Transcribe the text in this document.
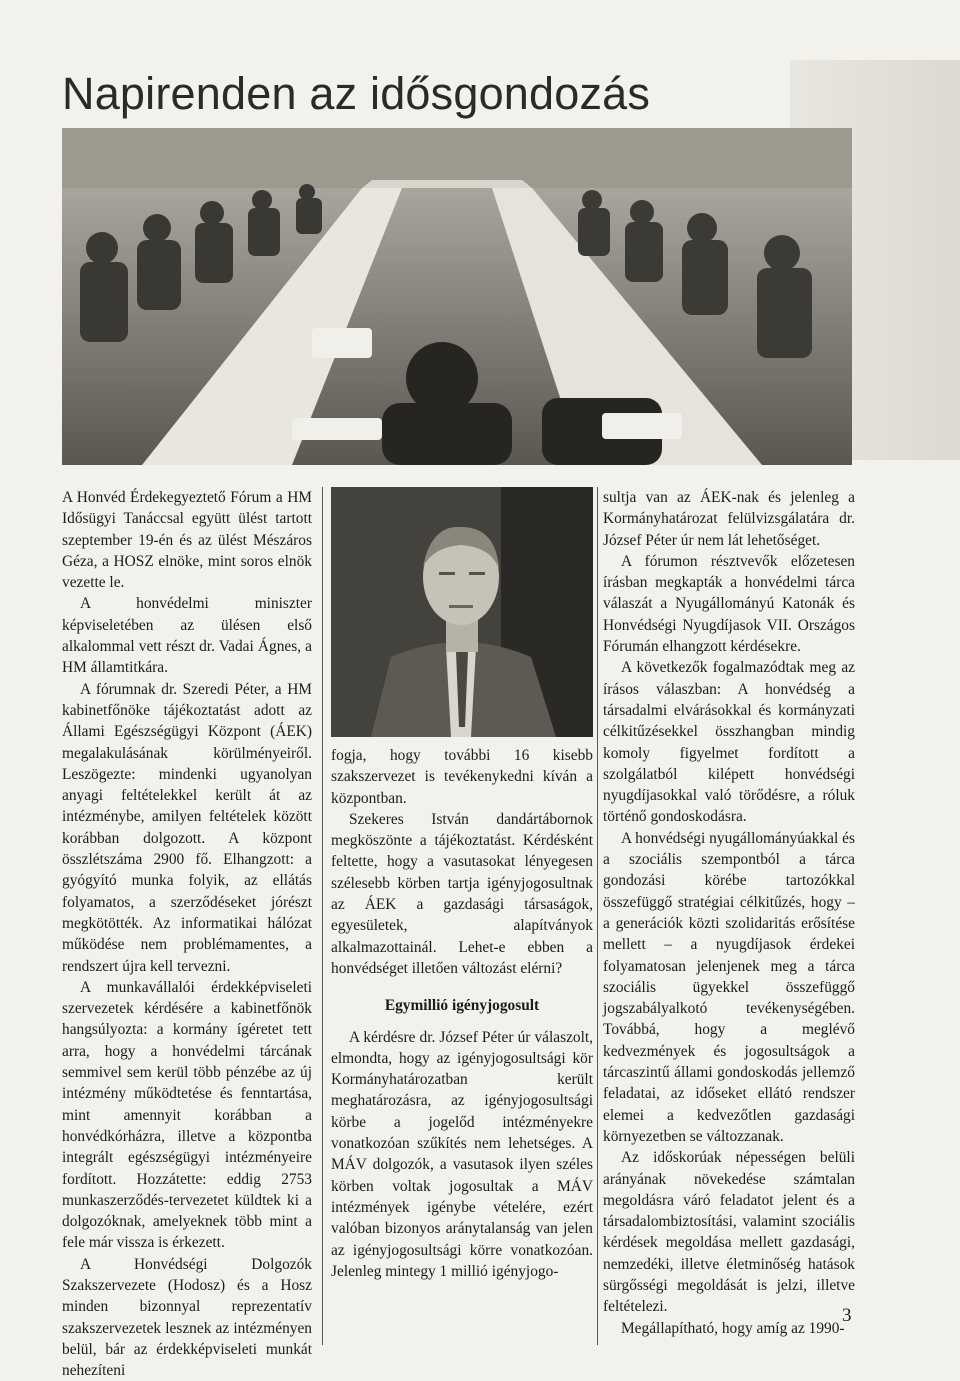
Napirenden az idősgondozás

A Honvéd Érdekegyeztető Fórum a HM Idősügyi Tanáccsal együtt ülést tartott szeptember 19-én és az ülést Mészáros Géza, a HOSZ elnöke, mint soros elnök vezette le.

A honvédelmi miniszter képviseletében az ülésen első alkalommal vett részt dr. Vadai Ágnes, a HM államtitkára.

A fórumnak dr. Szeredi Péter, a HM kabinetfőnöke tájékoztatást adott az Állami Egészségügyi Központ (ÁEK) megalakulásának körülményeiről. Leszögezte: mindenki ugyanolyan anyagi feltételekkel került át az intézménybe, amilyen feltételek között korábban dolgozott. A központ összlétszáma 2900 fő. Elhangzott: a gyógyító munka folyik, az ellátás folyamatos, a szerződéseket jórészt megkötötték. Az informatikai hálózat működése nem problémamentes, a rendszert újra kell tervezni.

A munkavállalói érdekképviseleti szervezetek kérdésére a kabinetfőnök hangsúlyozta: a kormány ígéretet tett arra, hogy a honvédelmi tárcának semmivel sem kerül több pénzébe az új intézmény működtetése és fenntartása, mint amennyit korábban a honvédkórházra, illetve a központba integrált egészségügyi intézményeire fordított. Hozzátette: eddig 2753 munkaszerződés-tervezetet küldtek ki a dolgozóknak, amelyeknek több mint a fele már vissza is érkezett.

A Honvédségi Dolgozók Szakszervezete (Hodosz) és a Hosz minden bizonnyal reprezentatív szakszervezetek lesznek az intézményen belül, bár az érdekképviseleti munkát nehezíteni

fogja, hogy további 16 kisebb szakszervezet is tevékenykedni kíván a központban.

Szekeres István dandártábornok megköszönte a tájékoztatást. Kérdésként feltette, hogy a vasutasokat lényegesen szélesebb körben tartja igényjogosultnak az ÁEK a gazdasági társaságok, egyesületek, alapítványok alkalmazottainál. Lehet-e ebben a honvédséget illetően változást elérni?

Egymillió igényjogosult

A kérdésre dr. József Péter úr válaszolt, elmondta, hogy az igényjogosultsági kör Kormányhatározatban került meghatározásra, az igényjogosultsági körbe a jogelőd intézményekre vonatkozóan szűkítés nem lehetséges. A MÁV dolgozók, a vasutasok ilyen széles körben voltak jogosultak a MÁV intézmények igénybe vételére, ezért valóban bizonyos aránytalanság van jelen az igényjogosultsági körre vonatkozóan. Jelenleg mintegy 1 millió igényjogo-

sultja van az ÁEK-nak és jelenleg a Kormányhatározat felülvizsgálatára dr. József Péter úr nem lát lehetőséget.

A fórumon résztvevők előzetesen írásban megkapták a honvédelmi tárca válaszát a Nyugállományú Katonák és Honvédségi Nyugdíjasok VII. Országos Fórumán elhangzott kérdésekre.

A következők fogalmazódtak meg az írásos válaszban: A honvédség a társadalmi elvárásokkal és kormányzati célkitűzésekkel összhangban mindig komoly figyelmet fordított a szolgálatból kilépett honvédségi nyugdíjasokkal való törődésre, a róluk történő gondoskodásra.

A honvédségi nyugállományúakkal és a szociális szempontból a tárca gondozási körébe tartozókkal összefüggő stratégiai célkitűzés, hogy – a generációk közti szolidaritás erősítése mellett – a nyugdíjasok érdekei folyamatosan jelenjenek meg a tárca szociális ügyekkel összefüggő jogszabályalkotó tevékenységében. Továbbá, hogy a meglévő kedvezmények és jogosultságok a tárcaszintű állami gondoskodás jellemző feladatai, az időseket ellátó rendszer elemei a kedvezőtlen gazdasági környezetben se változzanak.

Az időskorúak népességen belüli arányának növekedése számtalan megoldásra váró feladatot jelent és a társadalombiztosítási, valamint szociális kérdések megoldása mellett gazdasági, nemzedéki, illetve életminőség hatások sürgősségi megoldását is jelzi, illetve feltételezi.

Megállapítható, hogy amíg az 1990-

3
